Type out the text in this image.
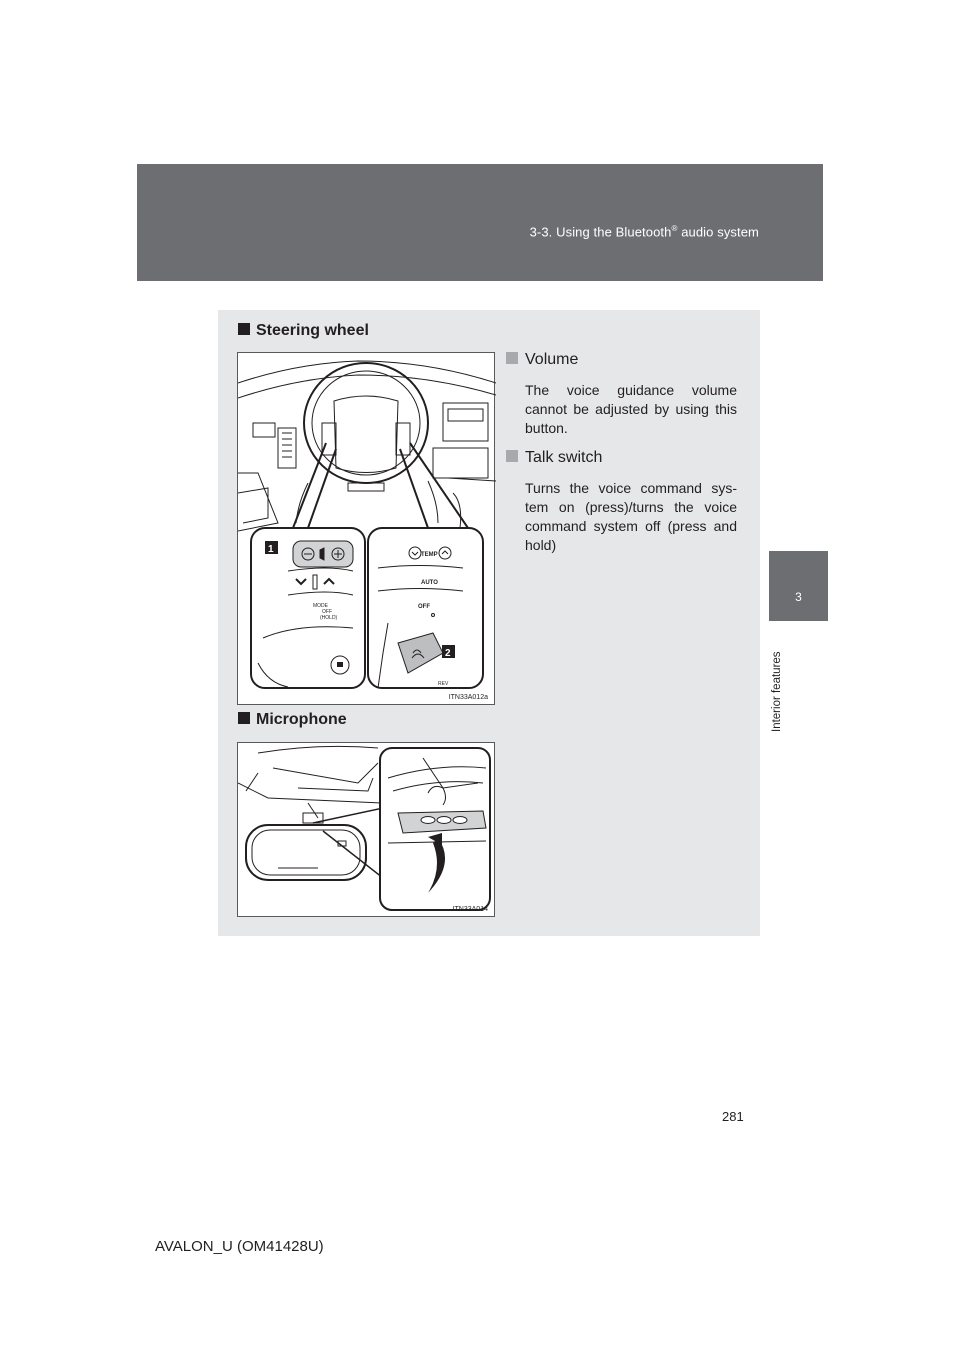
3-3. Using the Bluetooth® audio system
3
Interior features
Steering wheel
MODE
OFF
(HOLD)
1	TEMP
AUTO
OFF
REV
2
ITN33A012a
Volume
The voice guidance volume cannot be adjusted by using this button.
Talk switch
Turns the voice command sys- tem on (press)/turns the voice command system off (press and hold)
Microphone
ITN33A014
281
AVALON_U (OM41428U)
